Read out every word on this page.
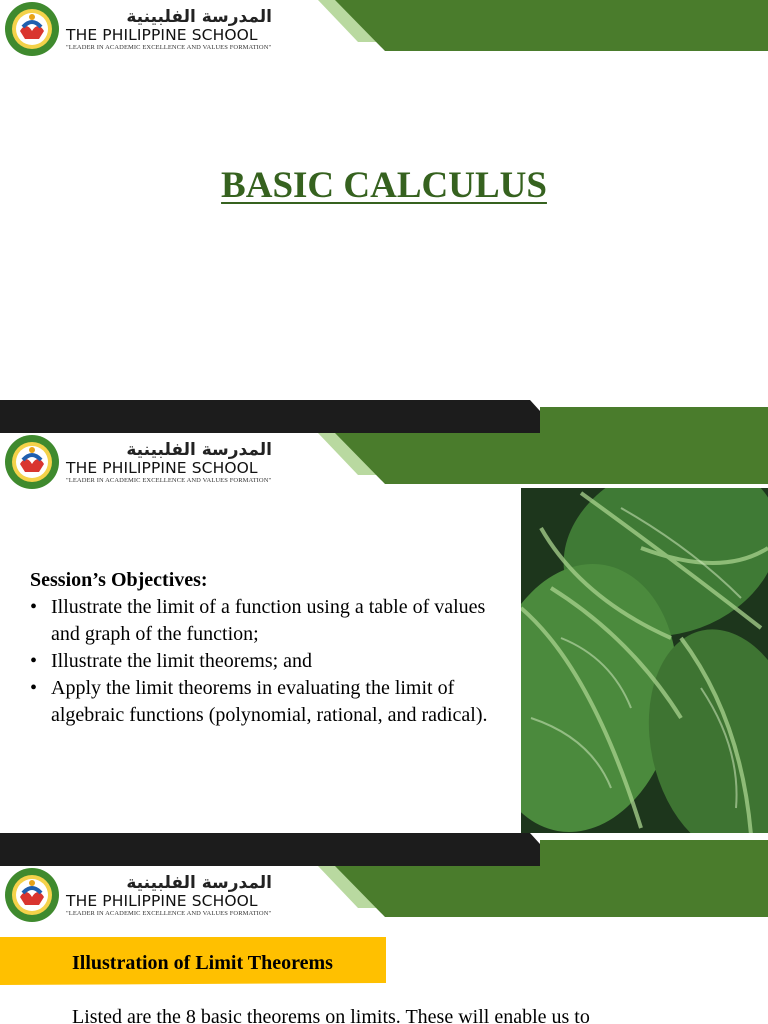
المدرسة الفلبينية
THE PHILIPPINE SCHOOL
"LEADER IN ACADEMIC EXCELLENCE AND VALUES FORMATION"
BASIC CALCULUS
المدرسة الفلبينية
THE PHILIPPINE SCHOOL
"LEADER IN ACADEMIC EXCELLENCE AND VALUES FORMATION"
Session’s Objectives:
• Illustrate the limit of a function using a table of values and graph of the function;
• Illustrate the limit theorems; and
• Apply the limit theorems in evaluating the limit of algebraic functions (polynomial, rational, and radical).
المدرسة الفلبينية
THE PHILIPPINE SCHOOL
"LEADER IN ACADEMIC EXCELLENCE AND VALUES FORMATION"
Illustration of Limit Theorems
Listed are the 8 basic theorems on limits. These will enable us to
